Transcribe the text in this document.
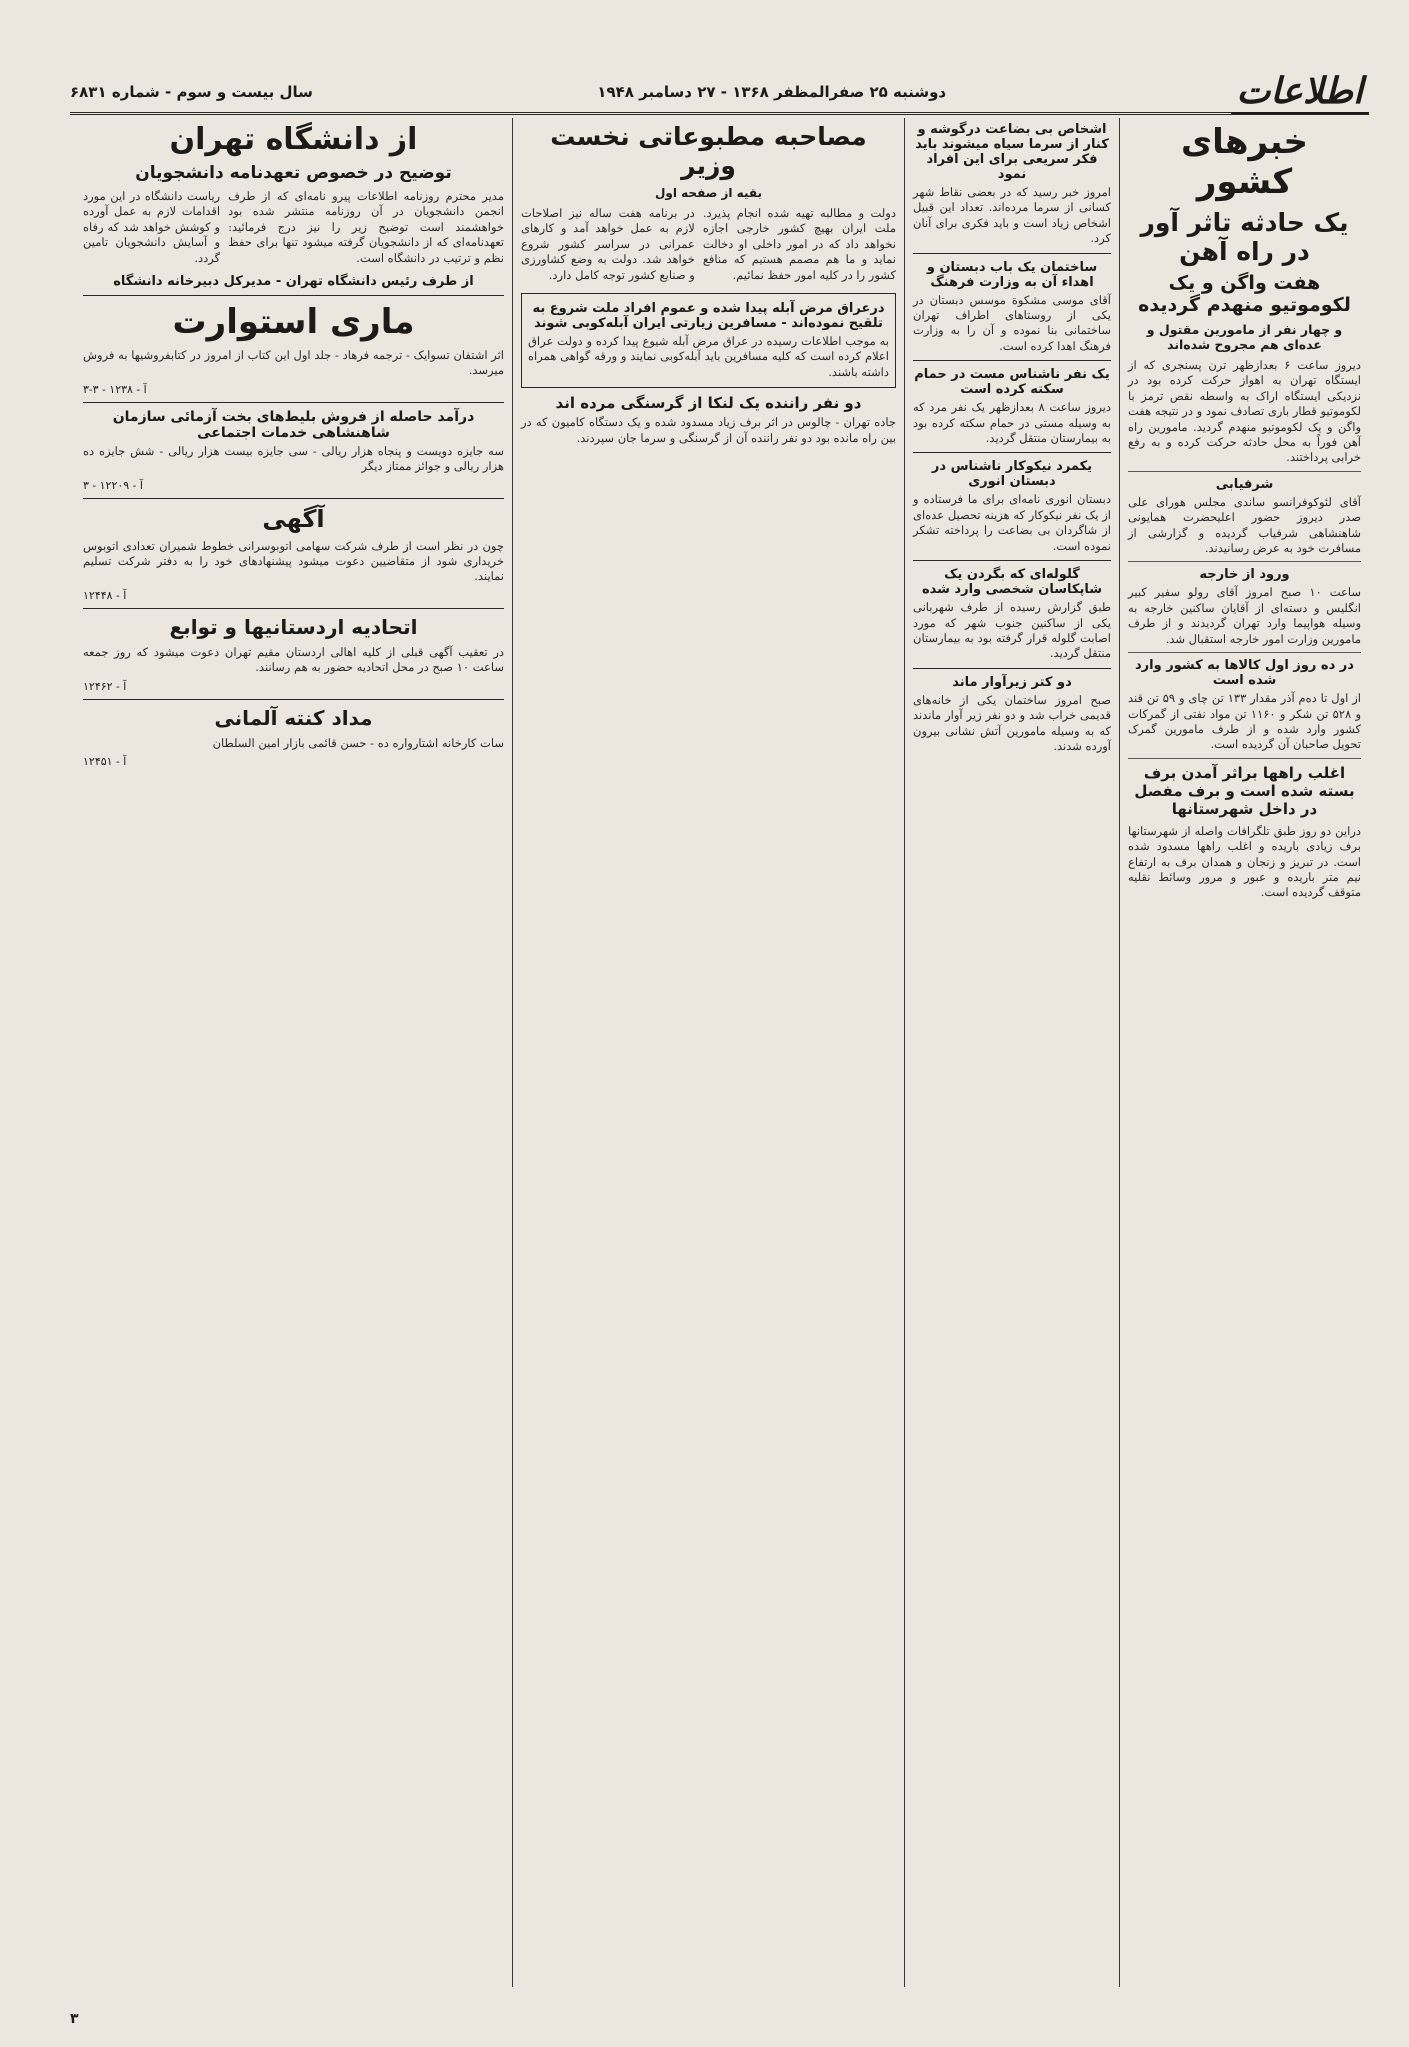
اطلاعات
دوشنبه ۲۵ صفرالمظفر ۱۳۶۸ - ۲۷ دسامبر ۱۹۴۸
سال بیست و سوم - شماره ۶۸۳۱
خبرهای کشور
یک حادثه تاثر آور در راه آهن
هفت واگن و یک لکوموتیو منهدم گردیده
و چهار نفر از مامورین مقتول و عده‌ای هم مجروح شده‌اند

دیروز ساعت ۶ بعدازظهر ترن پسنجری که از ایستگاه تهران به اهواز حرکت کرده بود در نزدیکی ایستگاه اراک به واسطه نقص ترمز با لکوموتیو قطار باری تصادف نمود و در نتیجه هفت واگن و یک لکوموتیو منهدم گردید. مامورین راه آهن فوراً به محل حادثه حرکت کرده و به رفع خرابی پرداختند.

شرفیابی

آقای لئوکوفرانسو ساندی مجلس هورای علی صدر دیروز حضور اعلیحضرت همایونی شاهنشاهی شرفیاب گردیده و گزارشی از مسافرت خود به عرض رسانیدند.

ورود از خارجه

ساعت ۱۰ صبح امروز آقای رولو سفیر کبیر انگلیس و دسته‌ای از آقایان ساکنین خارجه به وسیله هواپیما وارد تهران گردیدند و از طرف مامورین وزارت امور خارجه استقبال شد.

در ده روز اول کالاها به کشور وارد شده است

از اول تا ده‌م آذر مقدار ۱۳۳ تن چای و ۵۹ تن قند و ۵۲۸ تن شکر و ۱۱۶۰ تن مواد نفتی از گمرکات کشور وارد شده و از طرف مامورین گمرک تحویل صاحبان آن گردیده است.

اغلب راهها براثر آمدن برف بسته شده است و برف مفصل در داخل شهرستانها

دراین دو روز طبق تلگرافات واصله از شهرستانها برف زیادی باریده و اغلب راهها مسدود شده است. در تبریز و زنجان و همدان برف به ارتفاع نیم متر باریده و عبور و مرور وسائط نقلیه متوقف گردیده است.

اشخاص بی بضاعت درگوشه و کنار از سرما سیاه میشوند باید فکر سریعی برای این افراد نمود

امروز خبر رسید که در بعضی نقاط شهر کسانی از سرما مرده‌اند. تعداد این قبیل اشخاص زیاد است و باید فکری برای آنان کرد.

ساختمان یک باب دبستان و اهداء آن به وزارت فرهنگ

آقای موسی مشکوة موسس دبستان در یکی از روستاهای اطراف تهران ساختمانی بنا نموده و آن را به وزارت فرهنگ اهدا کرده است.

یک نفر ناشناس مست در حمام سکته کرده است

دیروز ساعت ۸ بعدازظهر یک نفر مرد که به وسیله مستی در حمام سکته کرده بود به بیمارستان منتقل گردید.

یکمرد نیکوکار ناشناس در دبستان انوری

دبستان انوری نامه‌ای برای ما فرستاده و از یک نفر نیکوکار که هزینه تحصیل عده‌ای از شاگردان بی بضاعت را پرداخته تشکر نموده است.

گلوله‌ای که بگردن یک شاپکاسان شخصی وارد شده

طبق گزارش رسیده از طرف شهربانی یکی از ساکنین جنوب شهر که مورد اصابت گلوله قرار گرفته بود به بیمارستان منتقل گردید.

دو کتر زیرآوار ماند

صبح امروز ساختمان یکی از خانه‌های قدیمی خراب شد و دو نفر زیر آوار ماندند که به وسیله مامورین آتش نشانی بیرون آورده شدند.

مصاحبه مطبوعاتی نخست وزیر
بقیه از صفحه اول

دولت و مطالبه تهیه شده انجام پذیرد. ملت ایران بهیچ کشور خارجی اجازه نخواهد داد که در امور داخلی او دخالت نماید و ما هم مصمم هستیم که منافع کشور را در کلیه امور حفظ نمائیم.

در برنامه هفت ساله نیز اصلاحات لازم به عمل خواهد آمد و کارهای عمرانی در سراسر کشور شروع خواهد شد. دولت به وضع کشاورزی و صنایع کشور توجه کامل دارد.

درعراق مرض آبله پیدا شده و عموم افراد ملت شروع به تلقیح نموده‌اند - مسافرین زیارتی ایران آبله‌کوبی شوند

به موجب اطلاعات رسیده در عراق مرض آبله شیوع پیدا کرده و دولت عراق اعلام کرده است که کلیه مسافرین باید آبله‌کوبی نمایند و ورقه گواهی همراه داشته باشند.

دو نفر راننده یک لنکا از گرسنگی مرده اند

جاده تهران - چالوس در اثر برف زیاد مسدود شده و یک دستگاه کامیون که در بین راه مانده بود دو نفر راننده آن از گرسنگی و سرما جان سپردند.

از دانشگاه تهران
توضیح در خصوص تعهدنامه دانشجویان

مدیر محترم روزنامه اطلاعات پیرو نامه‌ای که از طرف انجمن دانشجویان در آن روزنامه منتشر شده بود خواهشمند است توضیح زیر را نیز درج فرمائید: تعهدنامه‌ای که از دانشجویان گرفته میشود تنها برای حفظ نظم و ترتیب در دانشگاه است.

ریاست دانشگاه در این مورد اقدامات لازم به عمل آورده و کوشش خواهد شد که رفاه و آسایش دانشجویان تامین گردد.

از طرف رئیس دانشگاه تهران - مدیرکل دبیرخانه دانشگاه
ماری استوارت

اثر اشتفان تسوایک - ترجمه فرهاد - جلد اول این کتاب از امروز در کتابفروشیها به فروش میرسد.

آ - ۱۲۳۸ - ۳-۳
درآمد حاصله از فروش بلیط‌های بخت آزمائی سازمان شاهنشاهی خدمات اجتماعی

سه جایزه دویست و پنجاه هزار ریالی - سی جایزه بیست هزار ریالی - شش جایزه ده هزار ریالی و جوائز ممتاز دیگر

آ - ۱۲۲۰۹ - ۳
آگهی

چون در نظر است از طرف شرکت سهامی اتوبوسرانی خطوط شمیران تعدادی اتوبوس خریداری شود از متقاضیین دعوت میشود پیشنهادهای خود را به دفتر شرکت تسلیم نمایند.

آ - ۱۲۴۴۸
اتحادیه اردستانیها و توابع

در تعقیب آگهی قبلی از کلیه اهالی اردستان مقیم تهران دعوت میشود که روز جمعه ساعت ۱۰ صبح در محل اتحادیه حضور به هم رسانند.

آ - ۱۲۴۶۲
مداد کنته آلمانی

سات کارخانه اشتارواره ده - حسن قائمی بازار امین السلطان

آ - ۱۲۴۵۱
۳
